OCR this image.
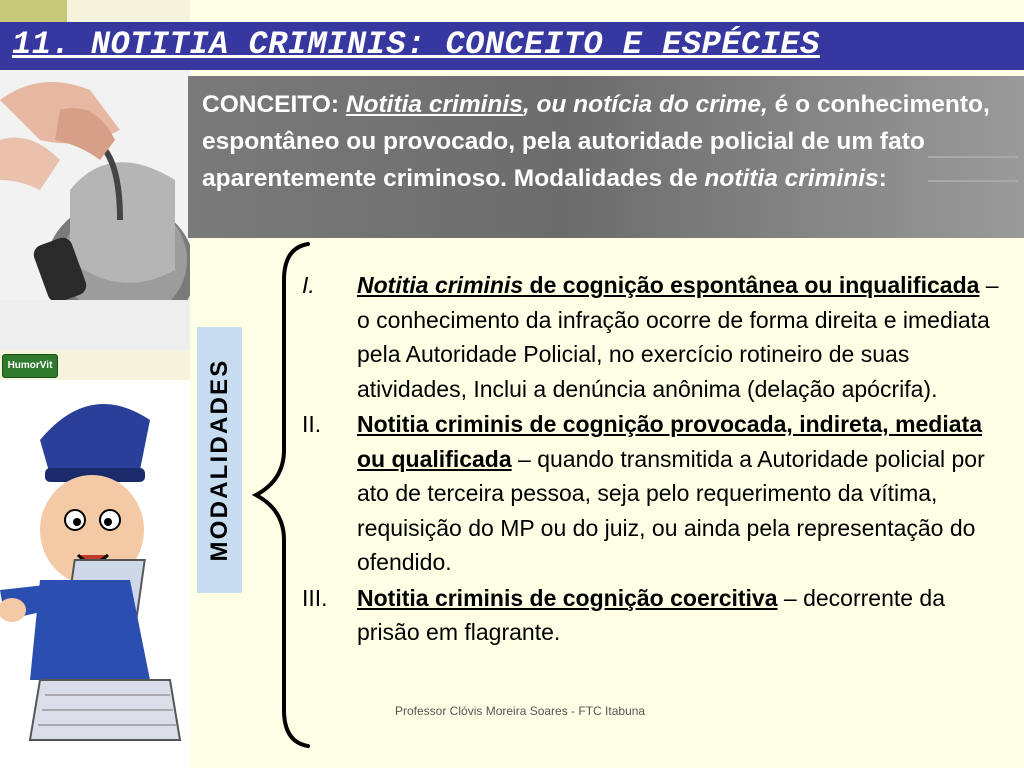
11. NOTITIA CRIMINIS: CONCEITO E ESPÉCIES
HumorVit
CONCEITO: Notitia criminis, ou notícia do crime, é o conhecimento, espontâneo ou provocado, pela autoridade policial de um fato aparentemente criminoso. Modalidades de notitia criminis:
MODALIDADES
I. Notitia criminis de cognição espontânea ou inqualificada – o conhecimento da infração ocorre de forma direita e imediata pela Autoridade Policial, no exercício rotineiro de suas atividades, Inclui a denúncia anônima (delação apócrifa).
II. Notitia criminis de cognição provocada, indireta, mediata ou qualificada – quando transmitida a Autoridade policial por ato de terceira pessoa, seja pelo requerimento da vítima, requisição do MP ou do juiz, ou ainda pela representação do ofendido.
III. Notitia criminis de cognição coercitiva – decorrente da prisão em flagrante.
Professor Clóvis Moreira Soares - FTC Itabuna
